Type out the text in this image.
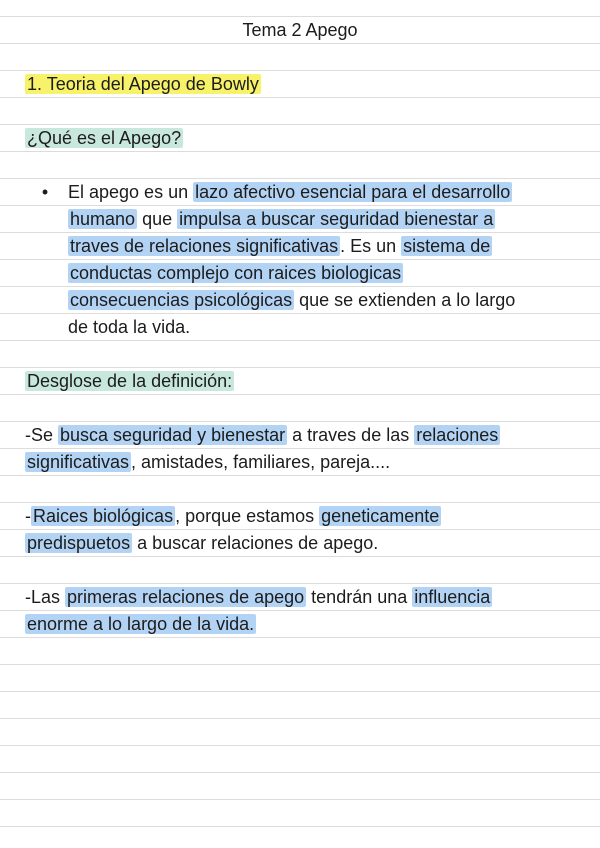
Tema 2 Apego
1. Teoria del Apego de Bowly
¿Qué es el Apego?
• El apego es un lazo afectivo esencial para el desarrollo
humano que impulsa a buscar seguridad bienestar a
traves de relaciones significativas . Es un sistema de
conductas complejo con raices biologicas
consecuencias psicológicas que se extienden a lo largo
de toda la vida.
Desglose de la definición:
-Se busca seguridad y bienestar a traves de las relaciones
significativas , amistades, familiares, pareja....
- Raices biológicas , porque estamos geneticamente
predispuetos a buscar relaciones de apego.
-Las primeras relaciones de apego tendrán una influencia
enorme a lo largo de la vida.
